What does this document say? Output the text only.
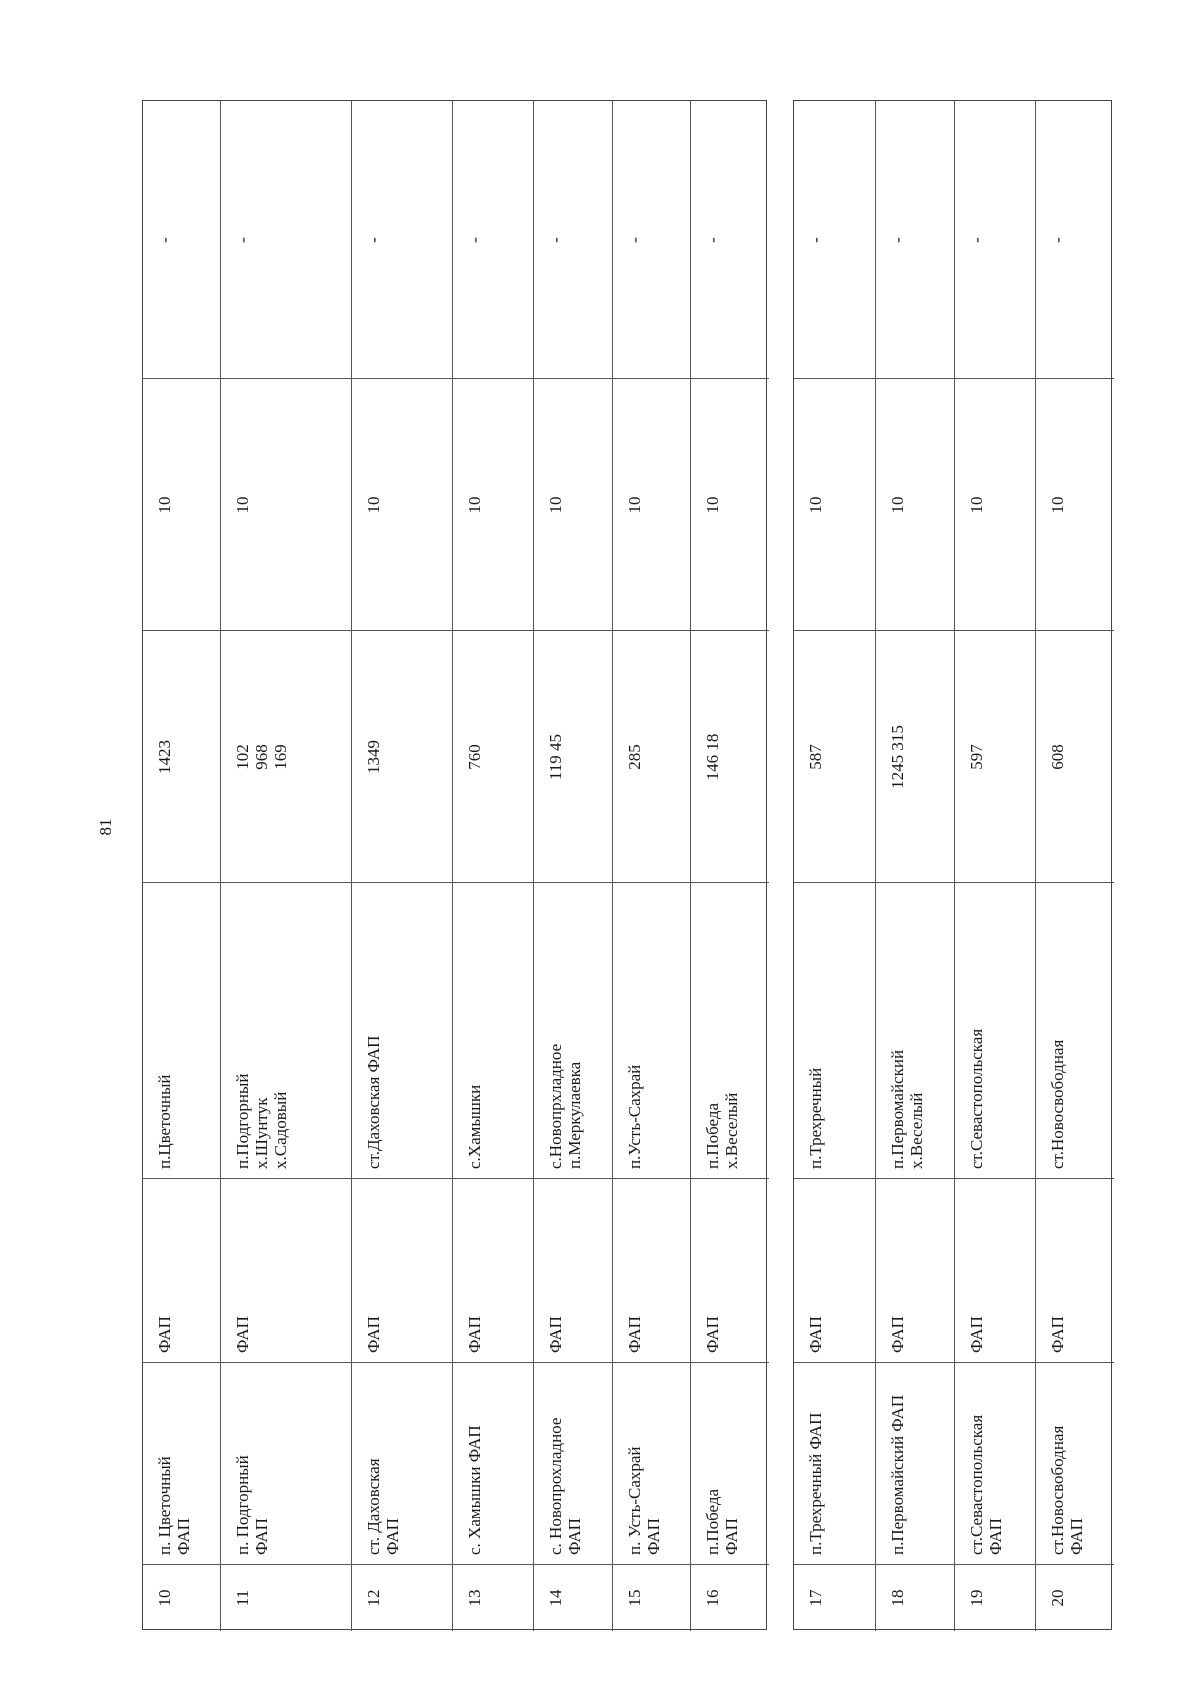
81
10
п. Цветочный
ФАП
ФАП
п.Цветочный
1423
10
-
11
п. Подгорный
ФАП
ФАП
п.Подгорный
х.Шунтук
х.Садовый
102
968
169
10
-
12
ст. Даховская
ФАП
ФАП
ст.Даховская ФАП
1349
10
-
13
с. Хамышки ФАП
ФАП
с.Хамышки
760
10
-
14
с. Новопрохладное
ФАП
ФАП
с.Новопрхладное
п.Меркулаевка
119 45
10
-
15
п. Усть-Сахрай
ФАП
ФАП
п.Усть-Сахрай
285
10
-
16
п.Победа
ФАП
ФАП
п.Победа
х.Веселый
146 18
10
-
17
п.Трехречный ФАП
ФАП
п.Трехречный
587
10
-
18
п.Первомайский ФАП
ФАП
п.Первомайский
х.Веселый
1245 315
10
-
19
ст.Севастопольская
ФАП
ФАП
ст.Севастопольская
597
10
-
20
ст.Новосвободная
ФАП
ФАП
ст.Новосвободная
608
10
-
